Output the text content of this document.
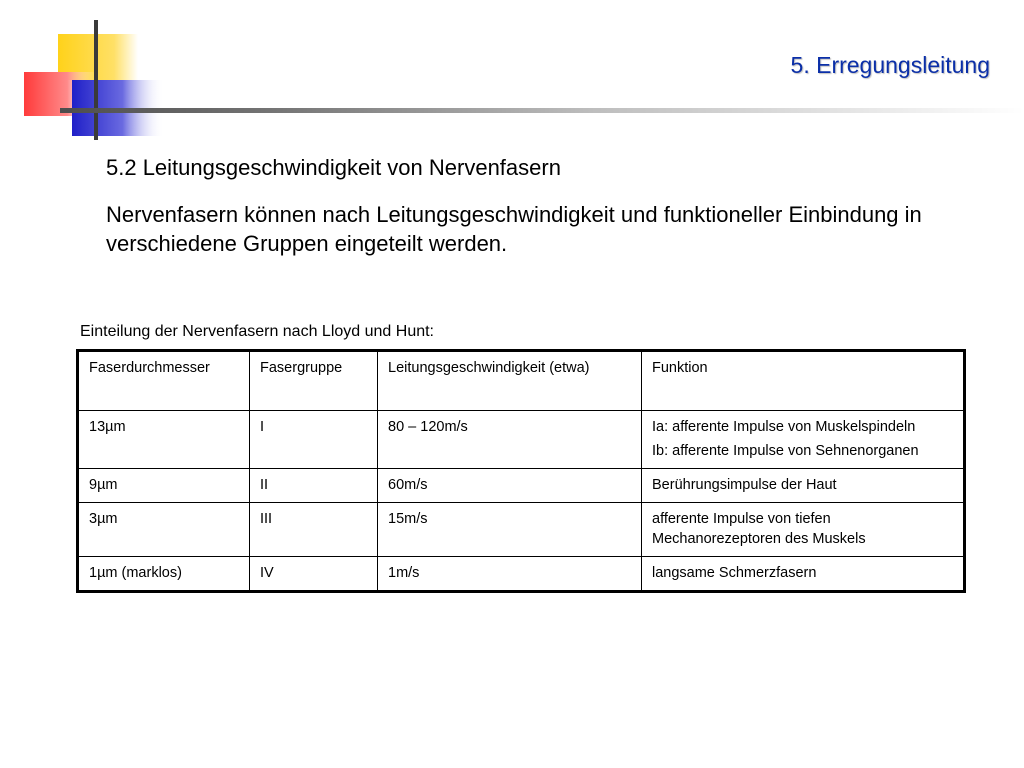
5. Erregungsleitung
5.2 Leitungsgeschwindigkeit von Nervenfasern
Nervenfasern können nach Leitungsgeschwindigkeit und funktioneller Einbindung in verschiedene Gruppen eingeteilt werden.
Einteilung der Nervenfasern nach Lloyd und Hunt:
Faserdurchmesser	Fasergruppe	Leitungsgeschwindigkeit (etwa)	Funktion
13µm	I	80 – 120m/s	Ia: afferente Impulse von Muskelspindeln

Ib: afferente Impulse von Sehnenorganen

9µm	II	60m/s	Berührungsimpulse der Haut

3µm	III	15m/s	afferente Impulse von tiefen Mechanorezeptoren des Muskels

1µm (marklos)	IV	1m/s	langsame Schmerzfasern
